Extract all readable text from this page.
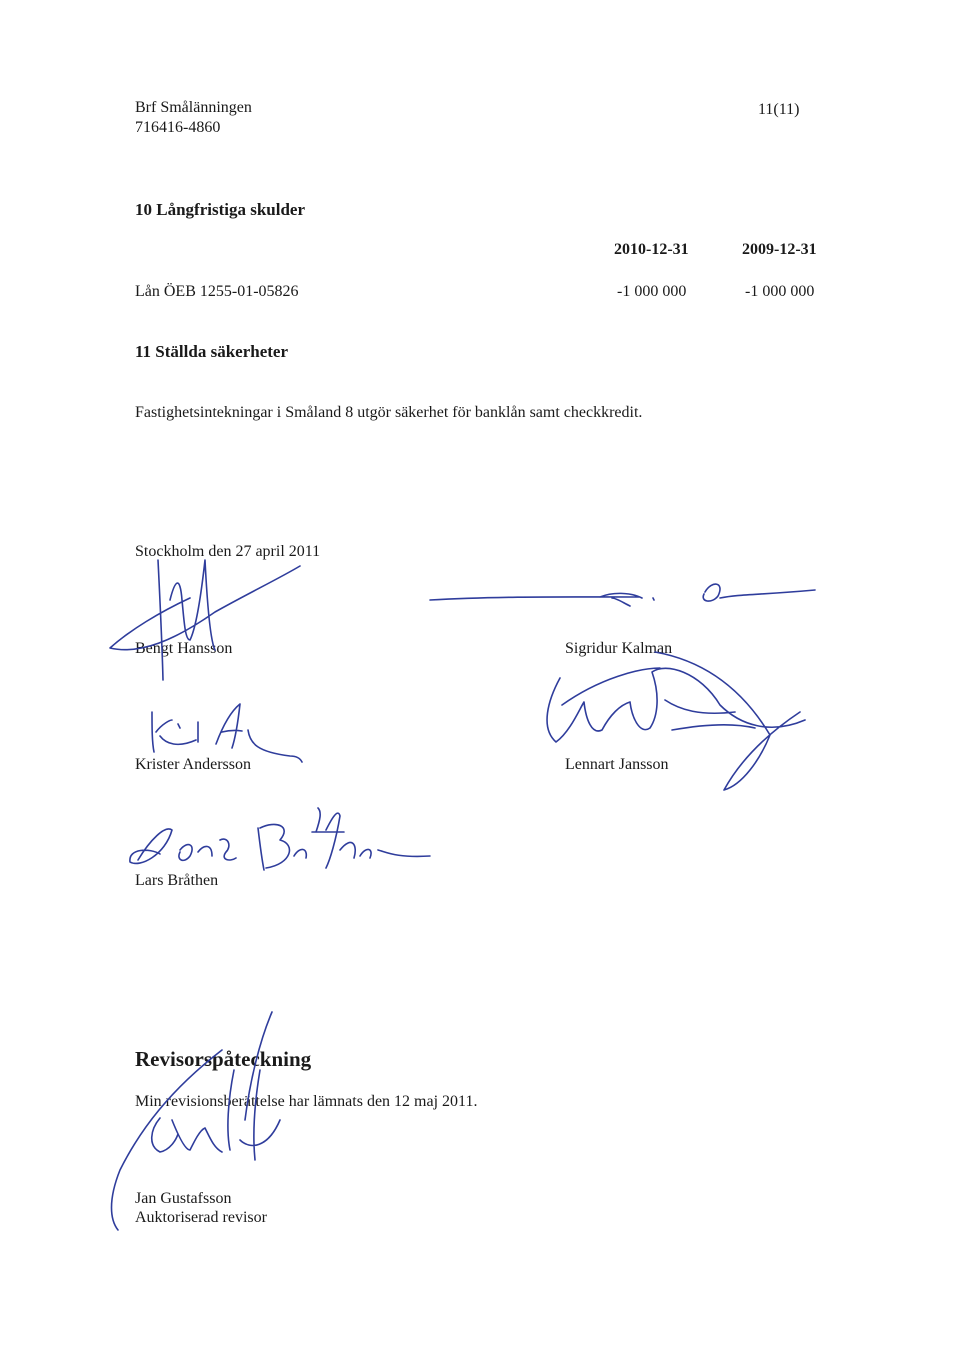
Brf Smålänningen
716416-4860
11(11)
10 Långfristiga skulder
2010-12-31	2009-12-31
Lån ÖEB 1255-01-05826	-1 000 000	-1 000 000
11 Ställda säkerheter
Fastighetsintekningar i Småland 8 utgör säkerhet för banklån samt checkkredit.
Stockholm den 27 april 2011
Bengt Hansson	Sigridur Kalman
Krister Andersson	Lennart Jansson
Lars Bråthen
Revisorspåteckning
Min revisionsberättelse har lämnats den 12 maj 2011.
Jan Gustafsson
Auktoriserad revisor
